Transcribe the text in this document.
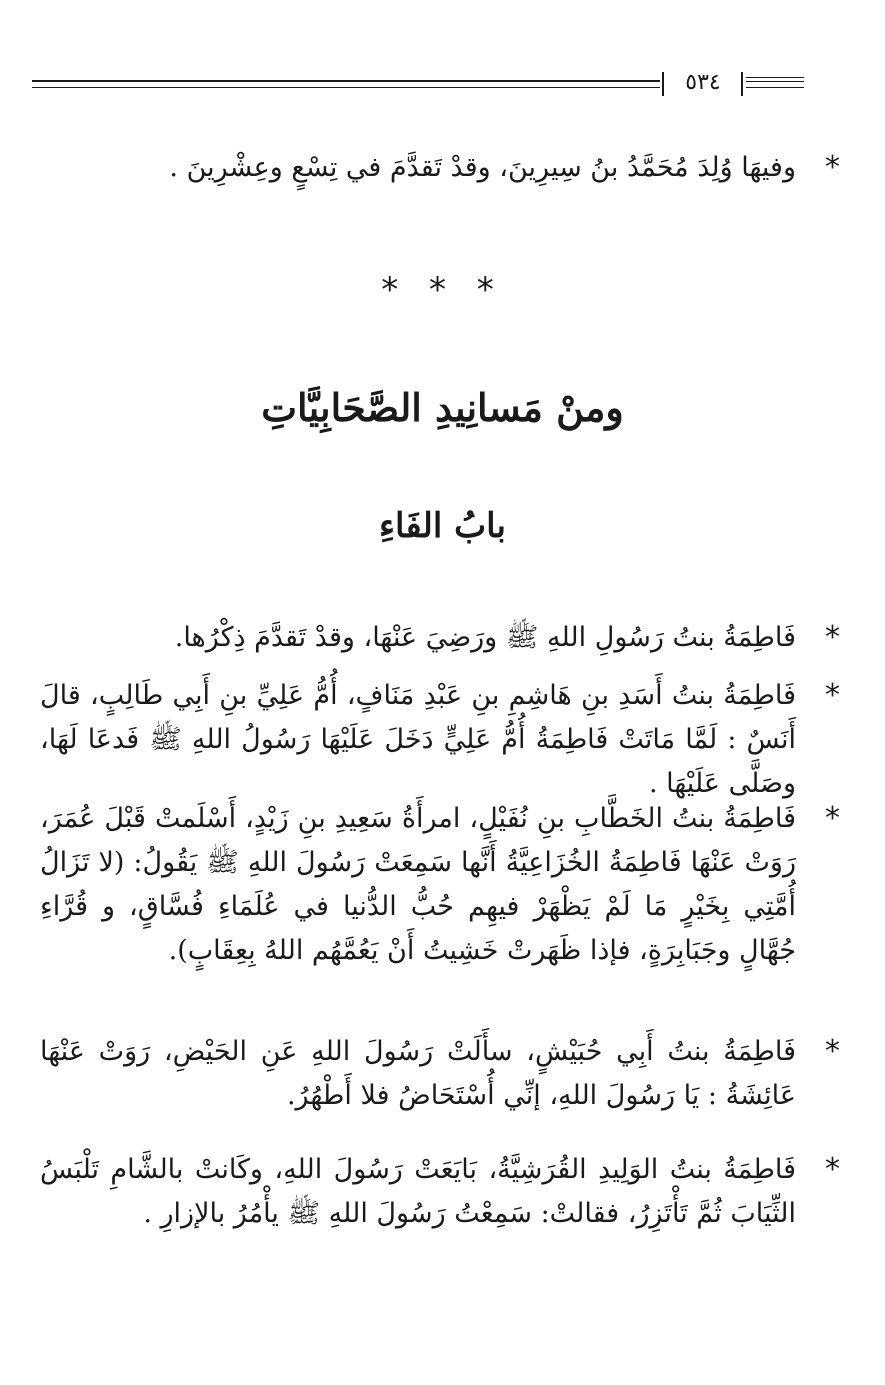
٥٣٤
*
وفيهَا وُلِدَ مُحَمَّدُ بنُ سِيرِينَ، وقدْ تَقدَّمَ في تِسْعٍ وعِشْرِينَ .
* * *
ومنْ مَسانِيدِ الصَّحَابِيَّاتِ
بابُ الفَاءِ
*
فَاطِمَةُ بنتُ رَسُولِ اللهِ ﷺ ورَضِيَ عَنْهَا، وقدْ تَقدَّمَ ذِكْرُها.
*
فَاطِمَةُ بنتُ أَسَدِ بنِ هَاشِمِ بنِ عَبْدِ مَنَافٍ، أُمُّ عَلِيِّ بنِ أَبِي طَالِبٍ، قالَ أَنَسٌ : لَمَّا مَاتَتْ فَاطِمَةُ أُمُّ عَلِيٍّ دَخَلَ عَلَيْهَا رَسُولُ اللهِ ﷺ فَدعَا لَهَا، وصَلَّى عَلَيْهَا .
*
فَاطِمَةُ بنتُ الخَطَّابِ بنِ نُفَيْلٍ، امرأَةُ سَعِيدِ بنِ زَيْدٍ، أَسْلَمتْ قَبْلَ عُمَرَ، رَوَتْ عَنْهَا فَاطِمَةُ الخُزَاعِيَّةُ أَنَّها سَمِعَتْ رَسُولَ اللهِ ﷺ يَقُولُ: (لا تَزَالُ أُمَّتِي بِخَيْرٍ مَا لَمْ يَظْهَرْ فيهِم حُبُّ الدُّنيا في عُلَمَاءِ فُسَّاقٍ، و قُرَّاءِ جُهَّالٍ وجَبَابِرَةٍ، فإذا ظَهَرتْ خَشِيتُ أَنْ يَعُمَّهُم اللهُ بِعِقَابٍ).
*
فَاطِمَةُ بنتُ أَبِي حُبَيْشٍ، سأَلَتْ رَسُولَ اللهِ عَنِ الحَيْضِ، رَوَتْ عَنْهَا عَائِشَةُ : يَا رَسُولَ اللهِ، إنِّي أُسْتَحَاضُ فلا أَطْهُرُ.
*
فَاطِمَةُ بنتُ الوَلِيدِ القُرَشِيَّةُ، بَايَعَتْ رَسُولَ اللهِ، وكَانتْ بالشَّامِ تَلْبَسُ الثِّيَابَ ثُمَّ تَأْتَزِرُ، فقالتْ: سَمِعْتُ رَسُولَ اللهِ ﷺ يأْمُرُ بالإزارِ .
